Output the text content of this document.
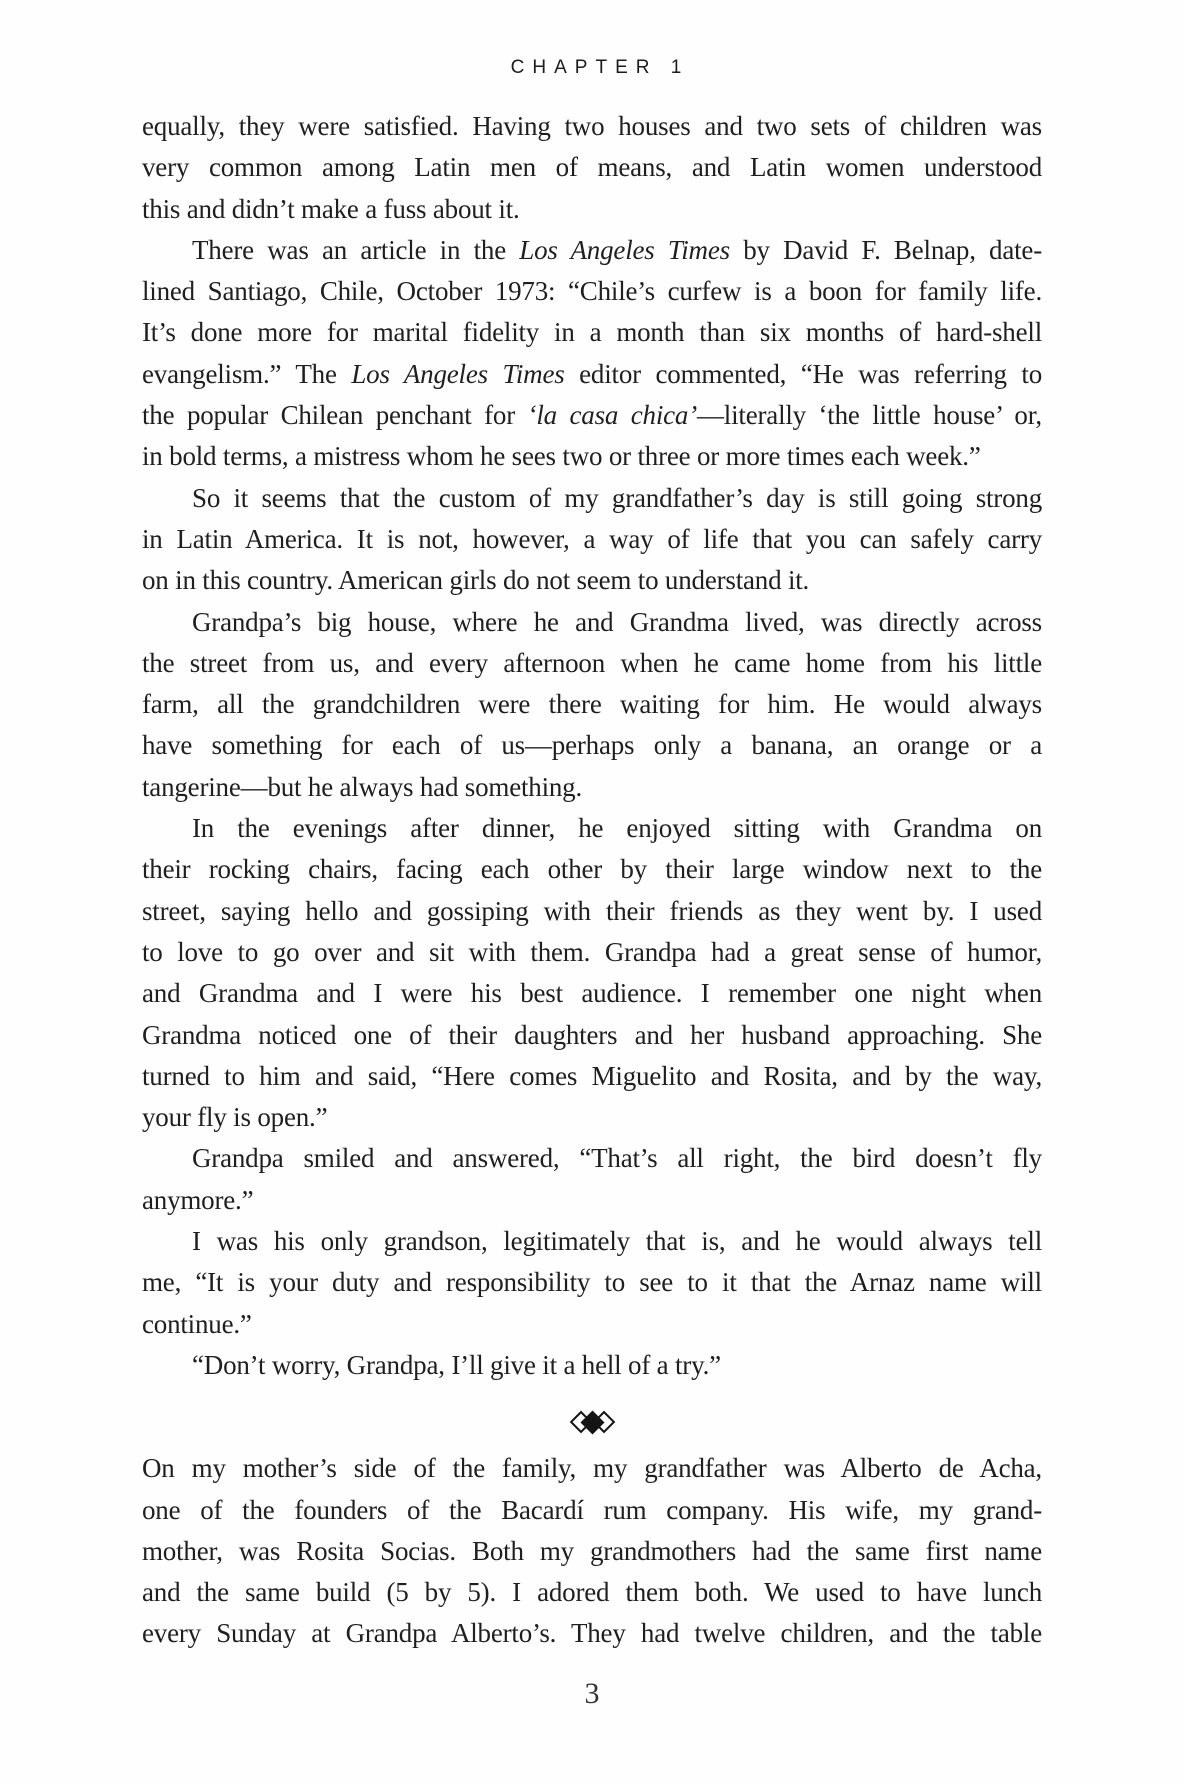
CHAPTER 1

equally, they were satisfied. Having two houses and two sets of children was
very common among Latin men of means, and Latin women understood
this and didn’t make a fuss about it.

There was an article in the Los Angeles Times by David F. Belnap, date-
lined Santiago, Chile, October 1973: “Chile’s curfew is a boon for family life.
It’s done more for marital fidelity in a month than six months of hard-shell
evangelism.” The Los Angeles Times editor commented, “He was referring to
the popular Chilean penchant for ‘la casa chica’—literally ‘the little house’ or,
in bold terms, a mistress whom he sees two or three or more times each week.”

So it seems that the custom of my grandfather’s day is still going strong
in Latin America. It is not, however, a way of life that you can safely carry
on in this country. American girls do not seem to understand it.

Grandpa’s big house, where he and Grandma lived, was directly across
the street from us, and every afternoon when he came home from his little
farm, all the grandchildren were there waiting for him. He would always
have something for each of us—perhaps only a banana, an orange or a
tangerine—but he always had something.

In the evenings after dinner, he enjoyed sitting with Grandma on
their rocking chairs, facing each other by their large window next to the
street, saying hello and gossiping with their friends as they went by. I used
to love to go over and sit with them. Grandpa had a great sense of humor,
and Grandma and I were his best audience. I remember one night when
Grandma noticed one of their daughters and her husband approaching. She
turned to him and said, “Here comes Miguelito and Rosita, and by the way,
your fly is open.”

Grandpa smiled and answered, “That’s all right, the bird doesn’t fly
anymore.”

I was his only grandson, legitimately that is, and he would always tell
me, “It is your duty and responsibility to see to it that the Arnaz name will
continue.”

“Don’t worry, Grandpa, I’ll give it a hell of a try.”

On my mother’s side of the family, my grandfather was Alberto de Acha,
one of the founders of the Bacardí rum company. His wife, my grand-
mother, was Rosita Socias. Both my grandmothers had the same first name
and the same build (5 by 5). I adored them both. We used to have lunch
every Sunday at Grandpa Alberto’s. They had twelve children, and the table

3
